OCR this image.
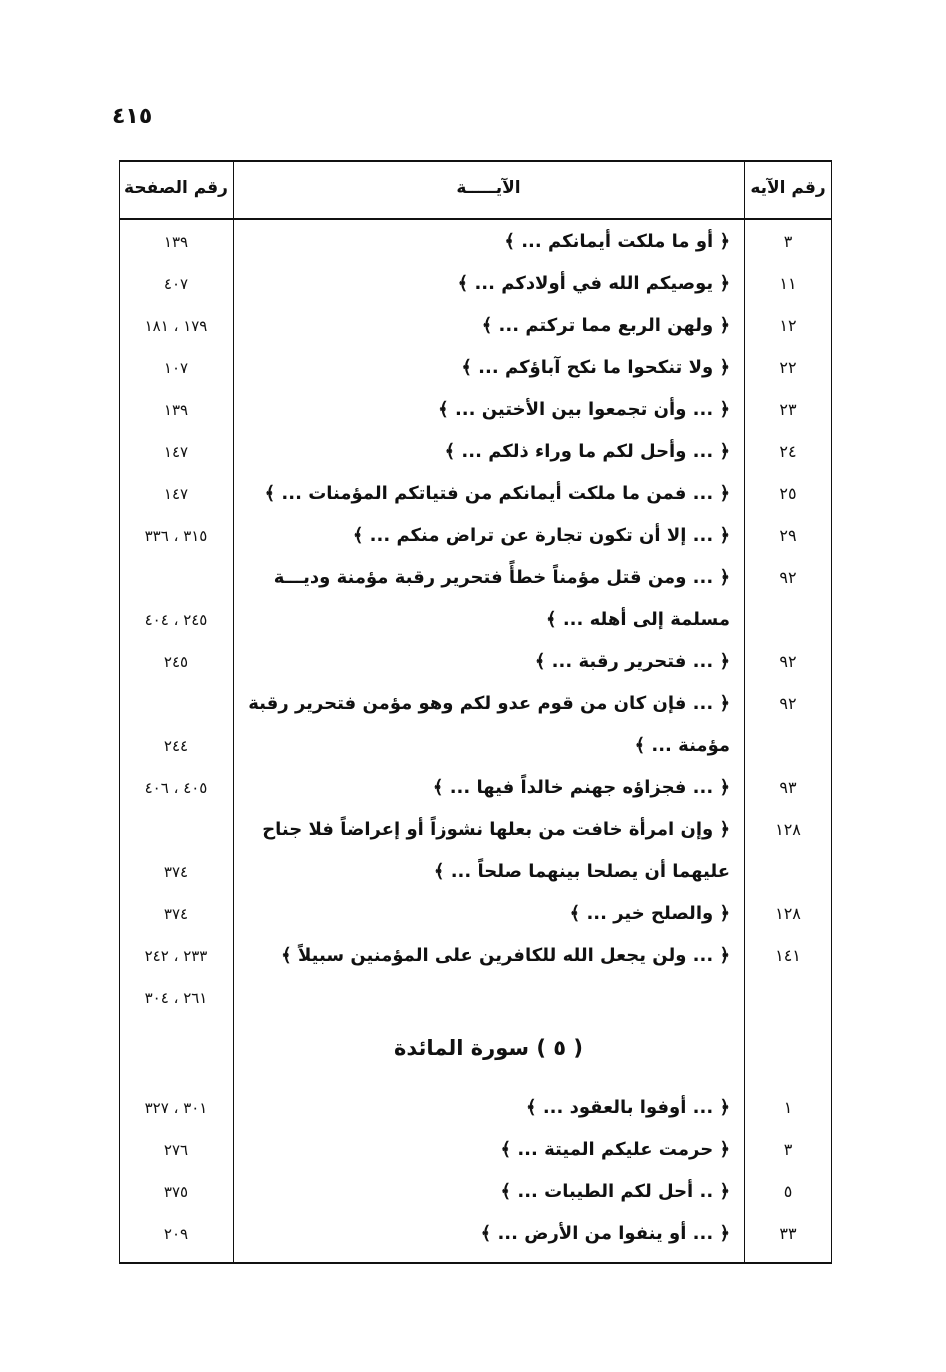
٤١٥
رقم الآيه
الآيـــــة
رقم الصفحة
٣
﴿ أو ما ملكت أيمانكم ... ﴾
١٣٩
١١
﴿ يوصيكم الله في أولادكم ... ﴾
٤٠٧
١٢
﴿ ولهن الربع مما تركتم ... ﴾
١٧٩ ، ١٨١
٢٢
﴿ ولا تنكحوا ما نكح آباؤكم ... ﴾
١٠٧
٢٣
﴿ ... وأن تجمعوا بين الأختين ... ﴾
١٣٩
٢٤
﴿ ... وأحل لكم ما وراء ذلكم ... ﴾
١٤٧
٢٥
﴿ ... فمن ما ملكت أيمانكم من فتياتكم المؤمنات ... ﴾
١٤٧
٢٩
﴿ ... إلا أن تكون تجارة عن تراض منكم ... ﴾
٣١٥ ، ٣٣٦
٩٢
﴿ ... ومن قتل مؤمناً خطأً فتحرير رقبة مؤمنة وديـــة
مسلمة إلى أهله ... ﴾
٢٤٥ ، ٤٠٤
٩٢
﴿ ... فتحرير رقبة ... ﴾
٢٤٥
٩٢
﴿ ... فإن كان من قوم عدو لكم وهو مؤمن فتحرير رقبة
مؤمنة ... ﴾
٢٤٤
٩٣
﴿ ... فجزاؤه جهنم خالداً فيها ... ﴾
٤٠٥ ، ٤٠٦
١٢٨
﴿ وإن امرأة خافت من بعلها نشوزاً أو إعراضاً فلا جناح
عليهما أن يصلحا بينهما صلحاً ... ﴾
٣٧٤
١٢٨
﴿ والصلح خير ... ﴾
٣٧٤
١٤١
﴿ ... ولن يجعل الله للكافرين على المؤمنين سبيلاً ﴾
٢٣٣ ، ٢٤٢
٢٦١ ، ٣٠٤
( ٥ ) سورة المائدة
١
﴿ ... أوفوا بالعقود ... ﴾
٣٠١ ، ٣٢٧
٣
﴿ حرمت عليكم الميتة ... ﴾
٢٧٦
٥
﴿ .. أحل لكم الطيبات ... ﴾
٣٧٥
٣٣
﴿ ... أو ينفوا من الأرض ... ﴾
٢٠٩
